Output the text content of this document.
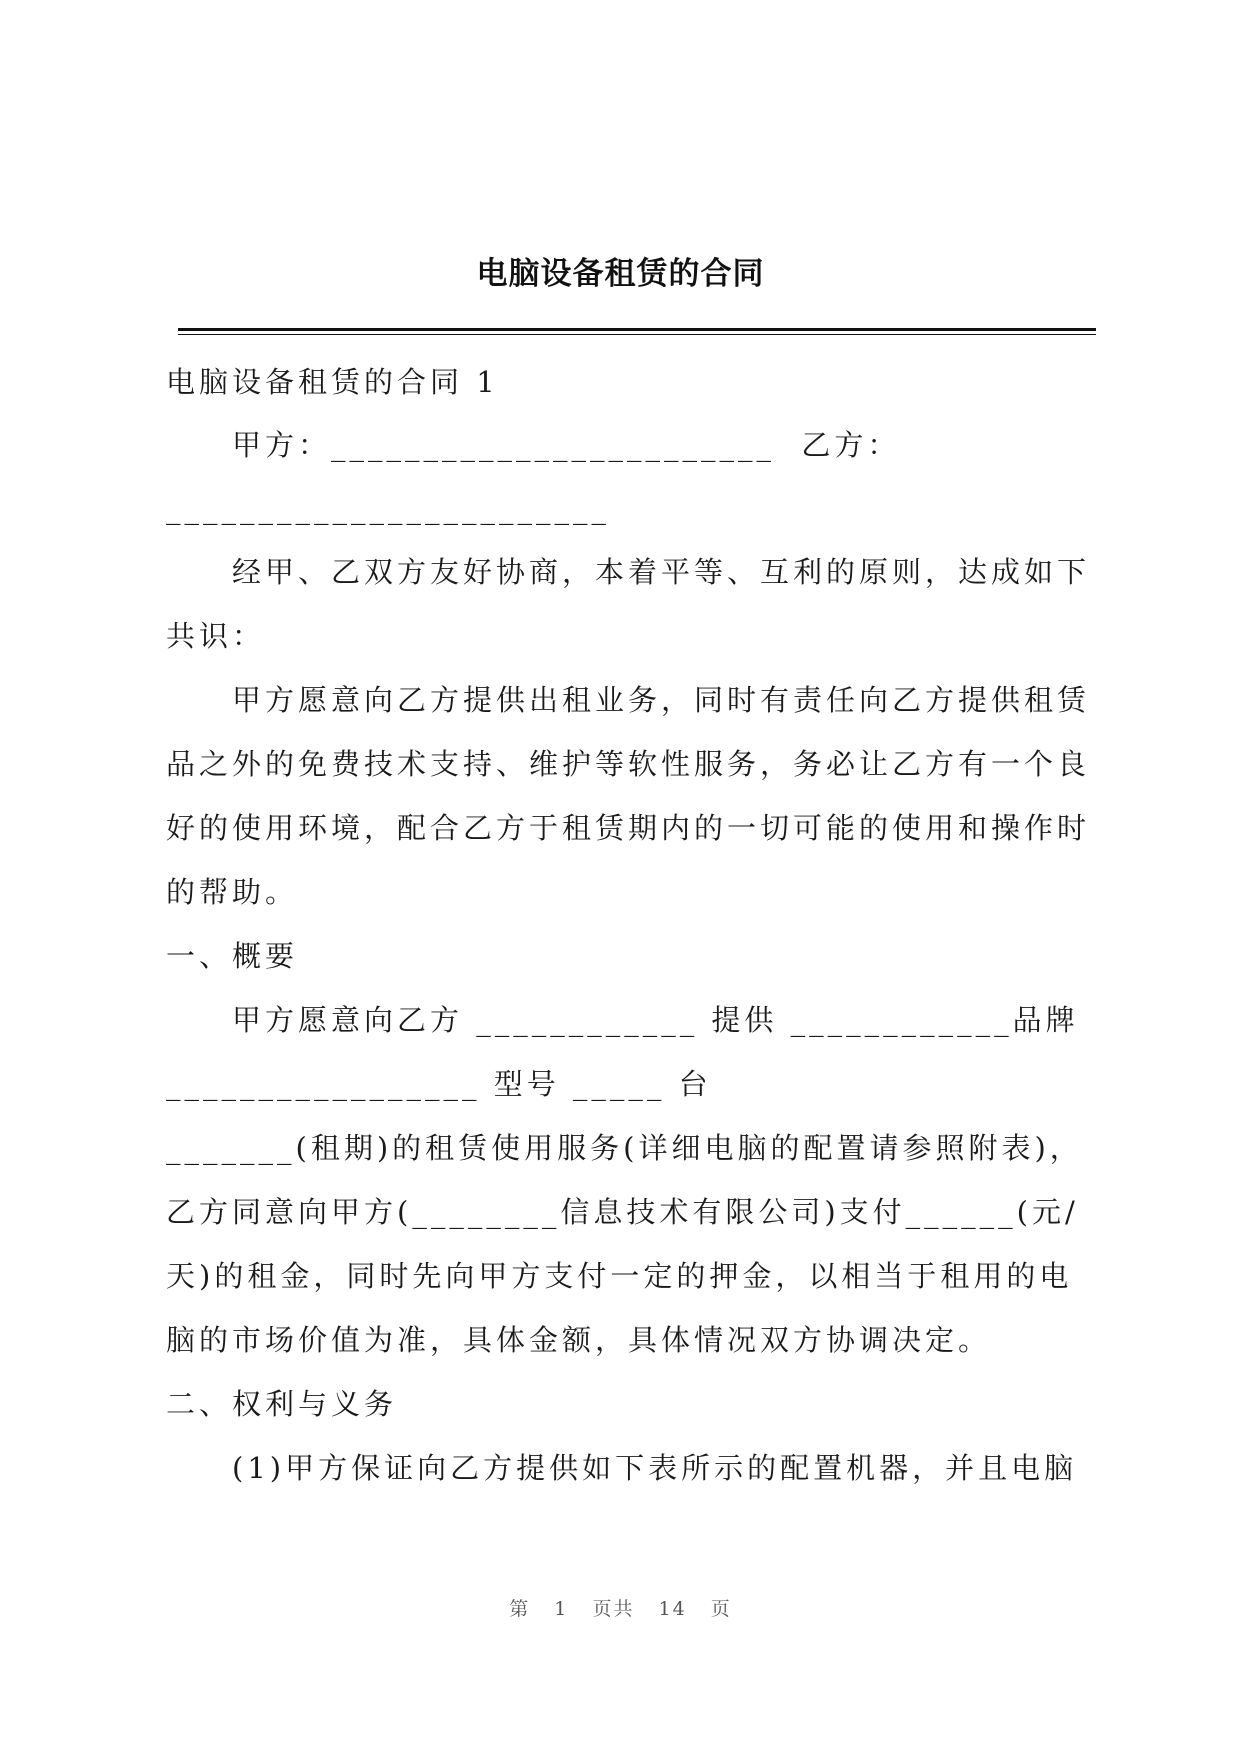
电脑设备租赁的合同
电脑设备租赁的合同 1
甲方：________________________  乙方：
________________________
经甲、乙双方友好协商，本着平等、互利的原则，达成如下
共识：
甲方愿意向乙方提供出租业务，同时有责任向乙方提供租赁
品之外的免费技术支持、维护等软性服务，务必让乙方有一个良
好的使用环境，配合乙方于租赁期内的一切可能的使用和操作时
的帮助。
一、概要
甲方愿意向乙方 ____________ 提供 ____________品牌
_________________ 型号 _____ 台
_______(租期)的租赁使用服务(详细电脑的配置请参照附表)，
乙方同意向甲方(________信息技术有限公司)支付______(元/
天)的租金，同时先向甲方支付一定的押金，以相当于租用的电
脑的市场价值为准，具体金额，具体情况双方协调决定。
二、权利与义务
(1)甲方保证向乙方提供如下表所示的配置机器，并且电脑
第 1 页共 14 页
